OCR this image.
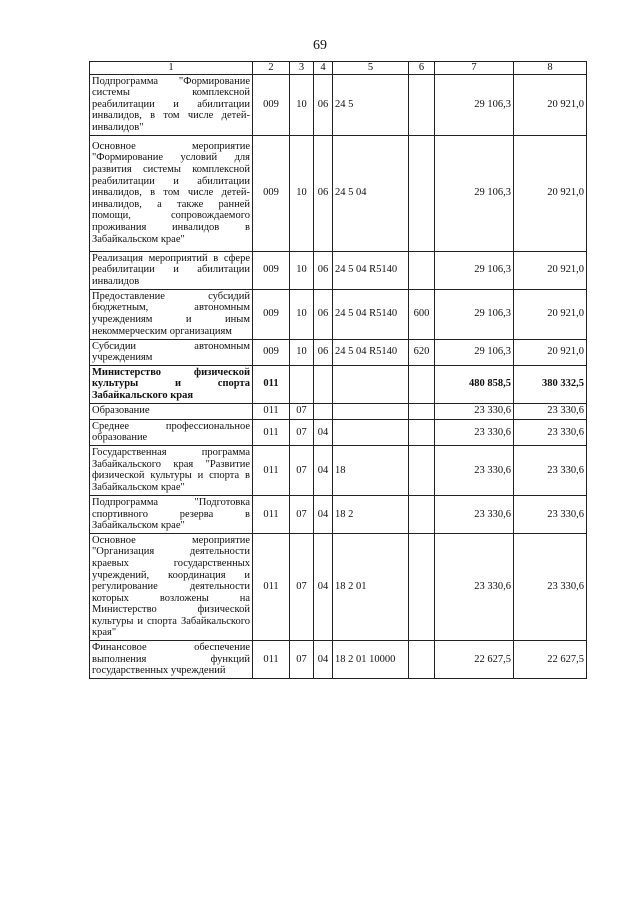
69
1	2	3	4	5	6	7	8
Подпрограмма "Формирование системы комплексной реабилитации и абилитации инвалидов, в том числе детей-инвалидов"	009	10	06	24 5		29 106,3	20 921,0
Основное мероприятие "Формирование условий для развития системы комплексной реабилитации и абилитации инвалидов, в том числе детей-инвалидов, а также ранней помощи, сопровождаемого проживания инвалидов в Забайкальском крае"	009	10	06	24 5 04		29 106,3	20 921,0
Реализация мероприятий в сфере реабилитации и абилитации инвалидов	009	10	06	24 5 04 R5140		29 106,3	20 921,0
Предоставление субсидий бюджетным, автономным учреждениям и иным некоммерческим организациям	009	10	06	24 5 04 R5140	600	29 106,3	20 921,0
Субсидии автономным учреждениям	009	10	06	24 5 04 R5140	620	29 106,3	20 921,0
Министерство физической культуры и спорта Забайкальского края	011					480 858,5	380 332,5
Образование	011	07				23 330,6	23 330,6
Среднее профессиональное образование	011	07	04			23 330,6	23 330,6
Государственная программа Забайкальского края "Развитие физической культуры и спорта в Забайкальском крае"	011	07	04	18		23 330,6	23 330,6
Подпрограмма "Подготовка спортивного резерва в Забайкальском крае"	011	07	04	18 2		23 330,6	23 330,6
Основное мероприятие "Организация деятельности краевых государственных учреждений, координация и регулирование деятельности которых возложены на Министерство физической культуры и спорта Забайкальского края"	011	07	04	18 2 01		23 330,6	23 330,6
Финансовое обеспечение выполнения функций государственных учреждений	011	07	04	18 2 01 10000		22 627,5	22 627,5
